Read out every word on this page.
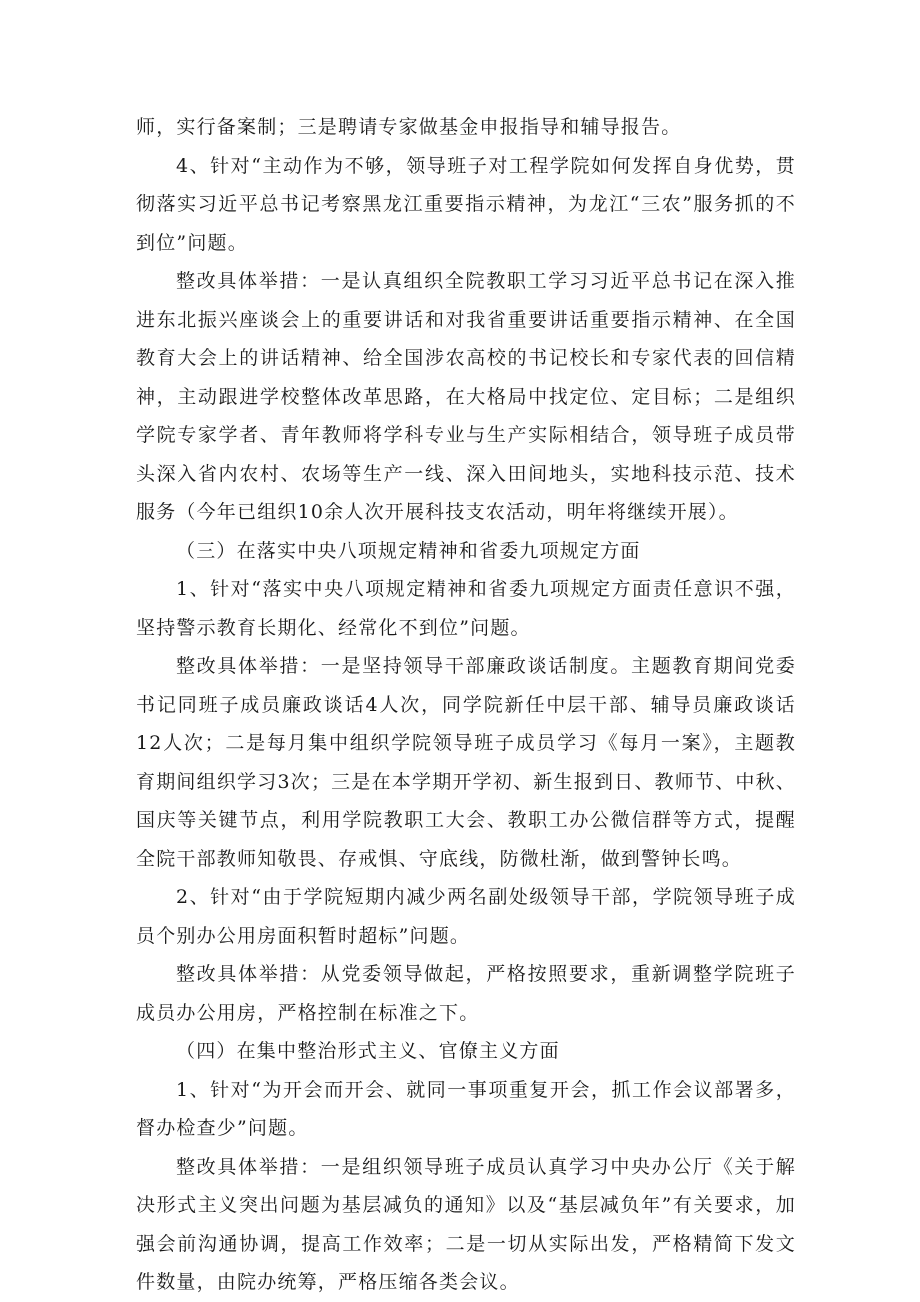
师，实行备案制；三是聘请专家做基金申报指导和辅导报告。

4、针对“主动作为不够，领导班子对工程学院如何发挥自身优势，贯彻落实习近平总书记考察黑龙江重要指示精神，为龙江“三农”服务抓的不到位”问题。

整改具体举措：一是认真组织全院教职工学习习近平总书记在深入推进东北振兴座谈会上的重要讲话和对我省重要讲话重要指示精神、在全国教育大会上的讲话精神、给全国涉农高校的书记校长和专家代表的回信精神，主动跟进学校整体改革思路，在大格局中找定位、定目标；二是组织学院专家学者、青年教师将学科专业与生产实际相结合，领导班子成员带头深入省内农村、农场等生产一线、深入田间地头，实地科技示范、技术服务（今年已组织10余人次开展科技支农活动，明年将继续开展）。

（三）在落实中央八项规定精神和省委九项规定方面

1、针对“落实中央八项规定精神和省委九项规定方面责任意识不强，坚持警示教育长期化、经常化不到位”问题。

整改具体举措：一是坚持领导干部廉政谈话制度。主题教育期间党委书记同班子成员廉政谈话4人次，同学院新任中层干部、辅导员廉政谈话12人次；二是每月集中组织学院领导班子成员学习《每月一案》，主题教育期间组织学习3次；三是在本学期开学初、新生报到日、教师节、中秋、国庆等关键节点，利用学院教职工大会、教职工办公微信群等方式，提醒全院干部教师知敬畏、存戒惧、守底线，防微杜渐，做到警钟长鸣。

2、针对“由于学院短期内减少两名副处级领导干部，学院领导班子成员个别办公用房面积暂时超标”问题。

整改具体举措：从党委领导做起，严格按照要求，重新调整学院班子成员办公用房，严格控制在标准之下。

（四）在集中整治形式主义、官僚主义方面

1、针对“为开会而开会、就同一事项重复开会，抓工作会议部署多，督办检查少”问题。

整改具体举措：一是组织领导班子成员认真学习中央办公厅《关于解决形式主义突出问题为基层减负的通知》以及“基层减负年”有关要求，加强会前沟通协调，提高工作效率；二是一切从实际出发，严格精简下发文件数量，由院办统筹，严格压缩各类会议。
